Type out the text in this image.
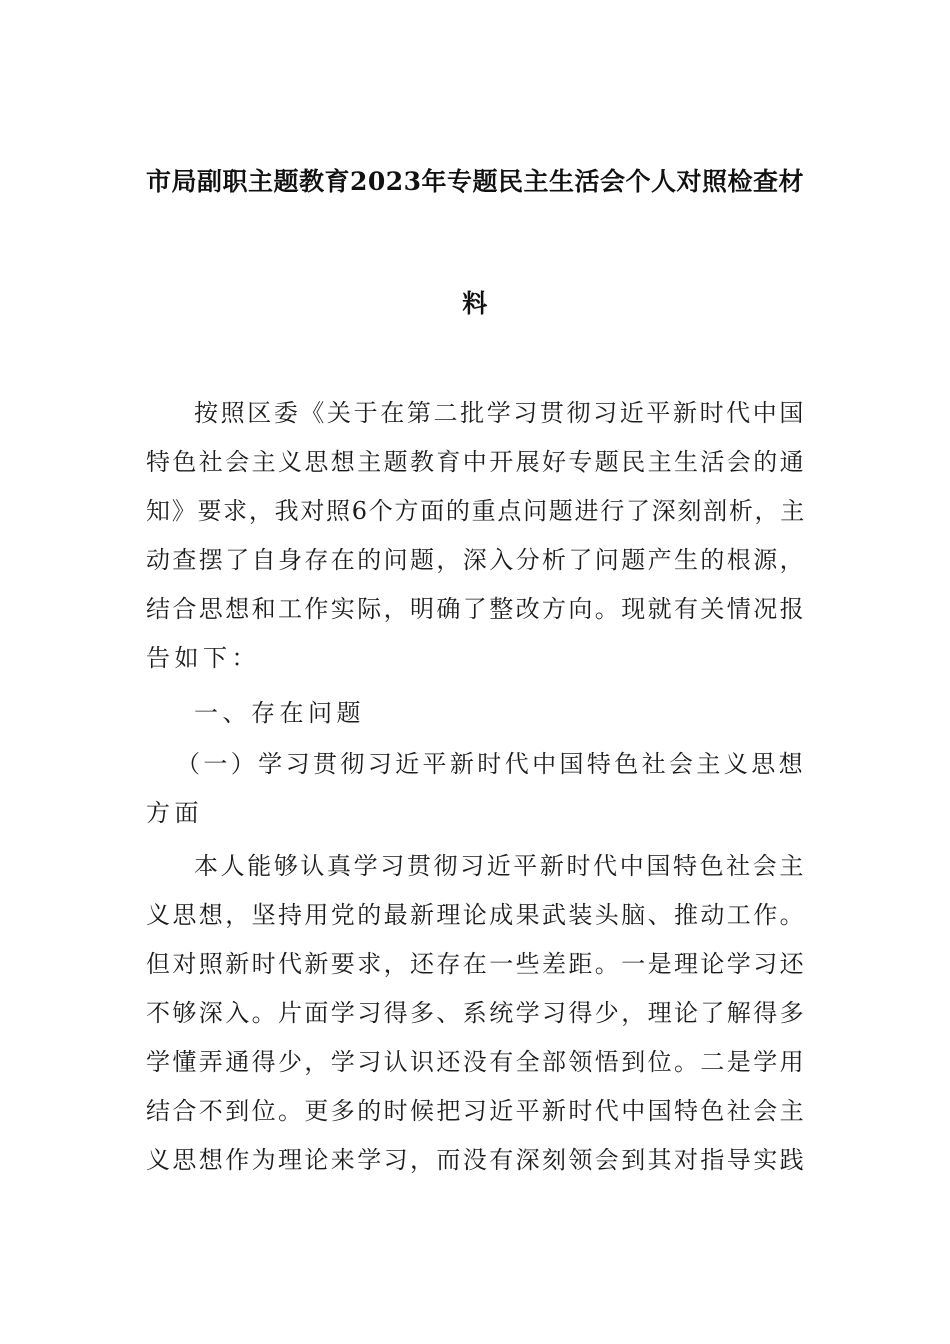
市局副职主题教育2023年专题民主生活会个人对照检查材
料
按照区委《关于在第二批学习贯彻习近平新时代中国
特色社会主义思想主题教育中开展好专题民主生活会的通
知》要求，我对照6个方面的重点问题进行了深刻剖析，主
动查摆了自身存在的问题，深入分析了问题产生的根源，
结合思想和工作实际，明确了整改方向。现就有关情况报
告如下：
一、存在问题
（一）学习贯彻习近平新时代中国特色社会主义思想
方面
本人能够认真学习贯彻习近平新时代中国特色社会主
义思想，坚持用党的最新理论成果武装头脑、推动工作。
但对照新时代新要求，还存在一些差距。一是理论学习还
不够深入。片面学习得多、系统学习得少，理论了解得多
学懂弄通得少，学习认识还没有全部领悟到位。二是学用
结合不到位。更多的时候把习近平新时代中国特色社会主
义思想作为理论来学习，而没有深刻领会到其对指导实践
